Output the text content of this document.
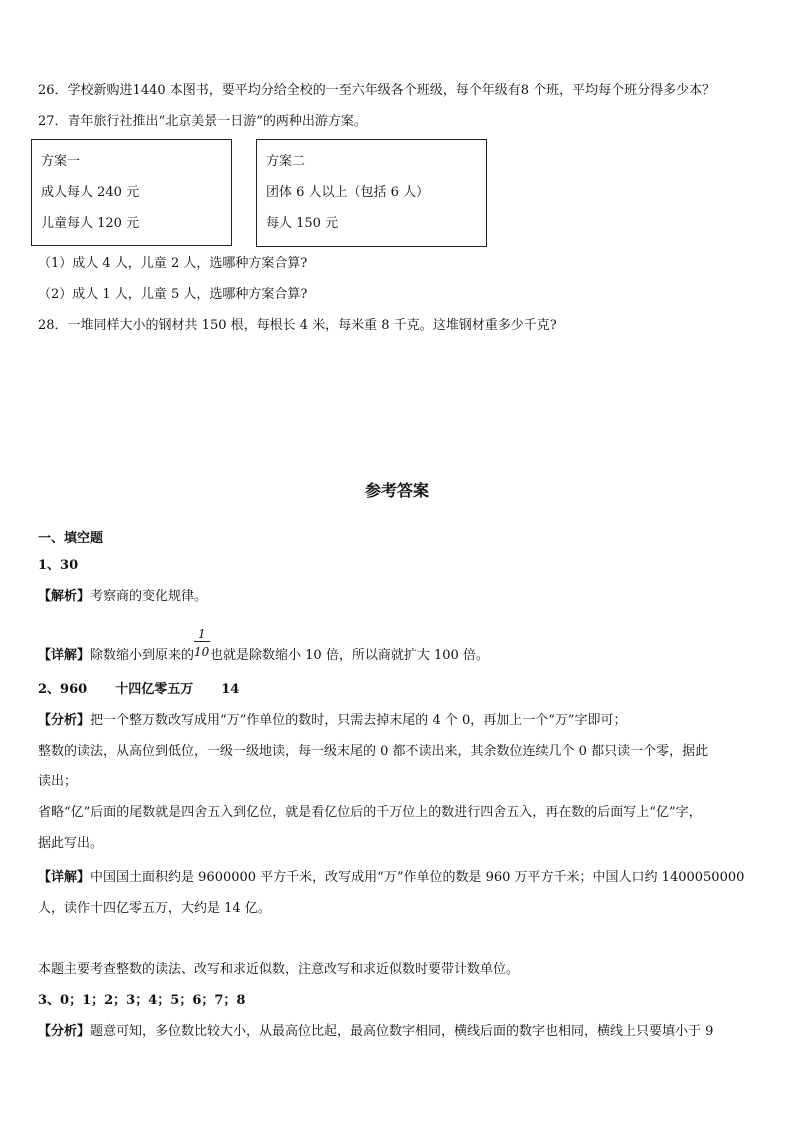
26．学校新购进1440 本图书，要平均分给全校的一至六年级各个班级，每个年级有8 个班，平均每个班分得多少本？
27．青年旅行社推出“北京美景一日游”的两种出游方案。
方案一
成人每人 240 元
儿童每人 120 元
方案二
团体 6 人以上（包括 6 人）
每人 150 元
（1）成人 4 人，儿童 2 人，选哪种方案合算?
（2）成人 1 人，儿童 5 人，选哪种方案合算?
28．一堆同样大小的钢材共 150 根，每根长 4 米，每米重 8 千克。这堆钢材重多少千克?
参考答案
一、填空题
1、30
【解析】考察商的变化规律。
【详解】除数缩小到原来的 $\frac{1}{10}$ 也就是除数缩小 10 倍，所以商就扩大 100 倍。
2、960 十四亿零五万 14
【分析】把一个整万数改写成用“万”作单位的数时，只需去掉末尾的 4 个 0，再加上一个“万”字即可；
整数的读法，从高位到低位，一级一级地读，每一级末尾的 0 都不读出来，其余数位连续几个 0 都只读一个零，据此
读出；
省略“亿”后面的尾数就是四舍五入到亿位，就是看亿位后的千万位上的数进行四舍五入，再在数的后面写上“亿”字，
据此写出。
【详解】中国国土面积约是 9600000 平方千米，改写成用“万”作单位的数是 960 万平方千米；中国人口约 1400050000
人，读作十四亿零五万，大约是 14 亿。
本题主要考查整数的读法、改写和求近似数，注意改写和求近似数时要带计数单位。
3、0；1；2；3；4；5；6；7；8
【分析】题意可知，多位数比较大小，从最高位比起，最高位数字相同，横线后面的数字也相同，横线上只要填小于 9
